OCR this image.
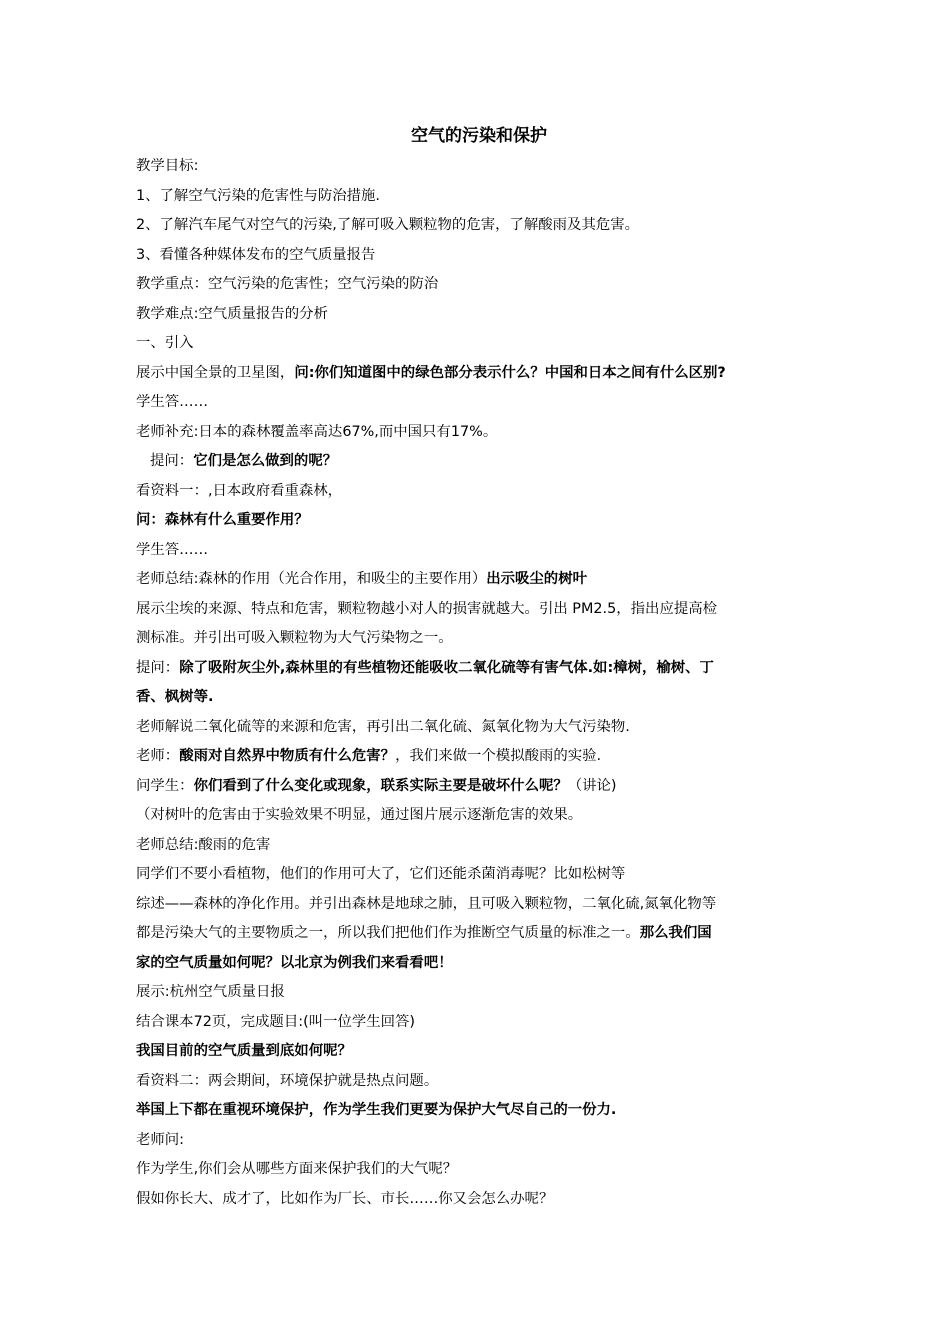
空气的污染和保护

教学目标:

1、了解空气污染的危害性与防治措施.

2、了解汽车尾气对空气的污染,了解可吸入颗粒物的危害，了解酸雨及其危害。

3、看懂各种媒体发布的空气质量报告

教学重点：空气污染的危害性；空气污染的防治

教学难点:空气质量报告的分析

一、引入

展示中国全景的卫星图，问:你们知道图中的绿色部分表示什么？中国和日本之间有什么区别?

学生答……

老师补充:日本的森林覆盖率高达67%,而中国只有17%。

提问：它们是怎么做到的呢？

看资料一：,日本政府看重森林，

问：森林有什么重要作用？

学生答……

老师总结:森林的作用（光合作用，和吸尘的主要作用）出示吸尘的树叶

展示尘埃的来源、特点和危害，颗粒物越小对人的损害就越大。引出 PM2.5，指出应提高检

测标准。并引出可吸入颗粒物为大气污染物之一。

提问：除了吸附灰尘外,森林里的有些植物还能吸收二氧化硫等有害气体.如:樟树，榆树、丁

香、枫树等.

老师解说二氧化硫等的来源和危害，再引出二氧化硫、氮氧化物为大气污染物.

老师：酸雨对自然界中物质有什么危害？，我们来做一个模拟酸雨的实验.

问学生：你们看到了什么变化或现象，联系实际主要是破坏什么呢？（讲论)

（对树叶的危害由于实验效果不明显，通过图片展示逐渐危害的效果。

老师总结:酸雨的危害

同学们不要小看植物，他们的作用可大了，它们还能杀菌消毒呢？比如松树等

综述——森林的净化作用。并引出森林是地球之肺，且可吸入颗粒物，二氧化硫,氮氧化物等

都是污染大气的主要物质之一，所以我们把他们作为推断空气质量的标准之一。那么我们国

家的空气质量如何呢？以北京为例我们来看看吧！

展示:杭州空气质量日报

结合课本72页，完成题目:(叫一位学生回答)

我国目前的空气质量到底如何呢？

看资料二：两会期间，环境保护就是热点问题。

举国上下都在重视环境保护，作为学生我们更要为保护大气尽自己的一份力.

老师问:

作为学生,你们会从哪些方面来保护我们的大气呢？

假如你长大、成才了，比如作为厂长、市长……你又会怎么办呢？
